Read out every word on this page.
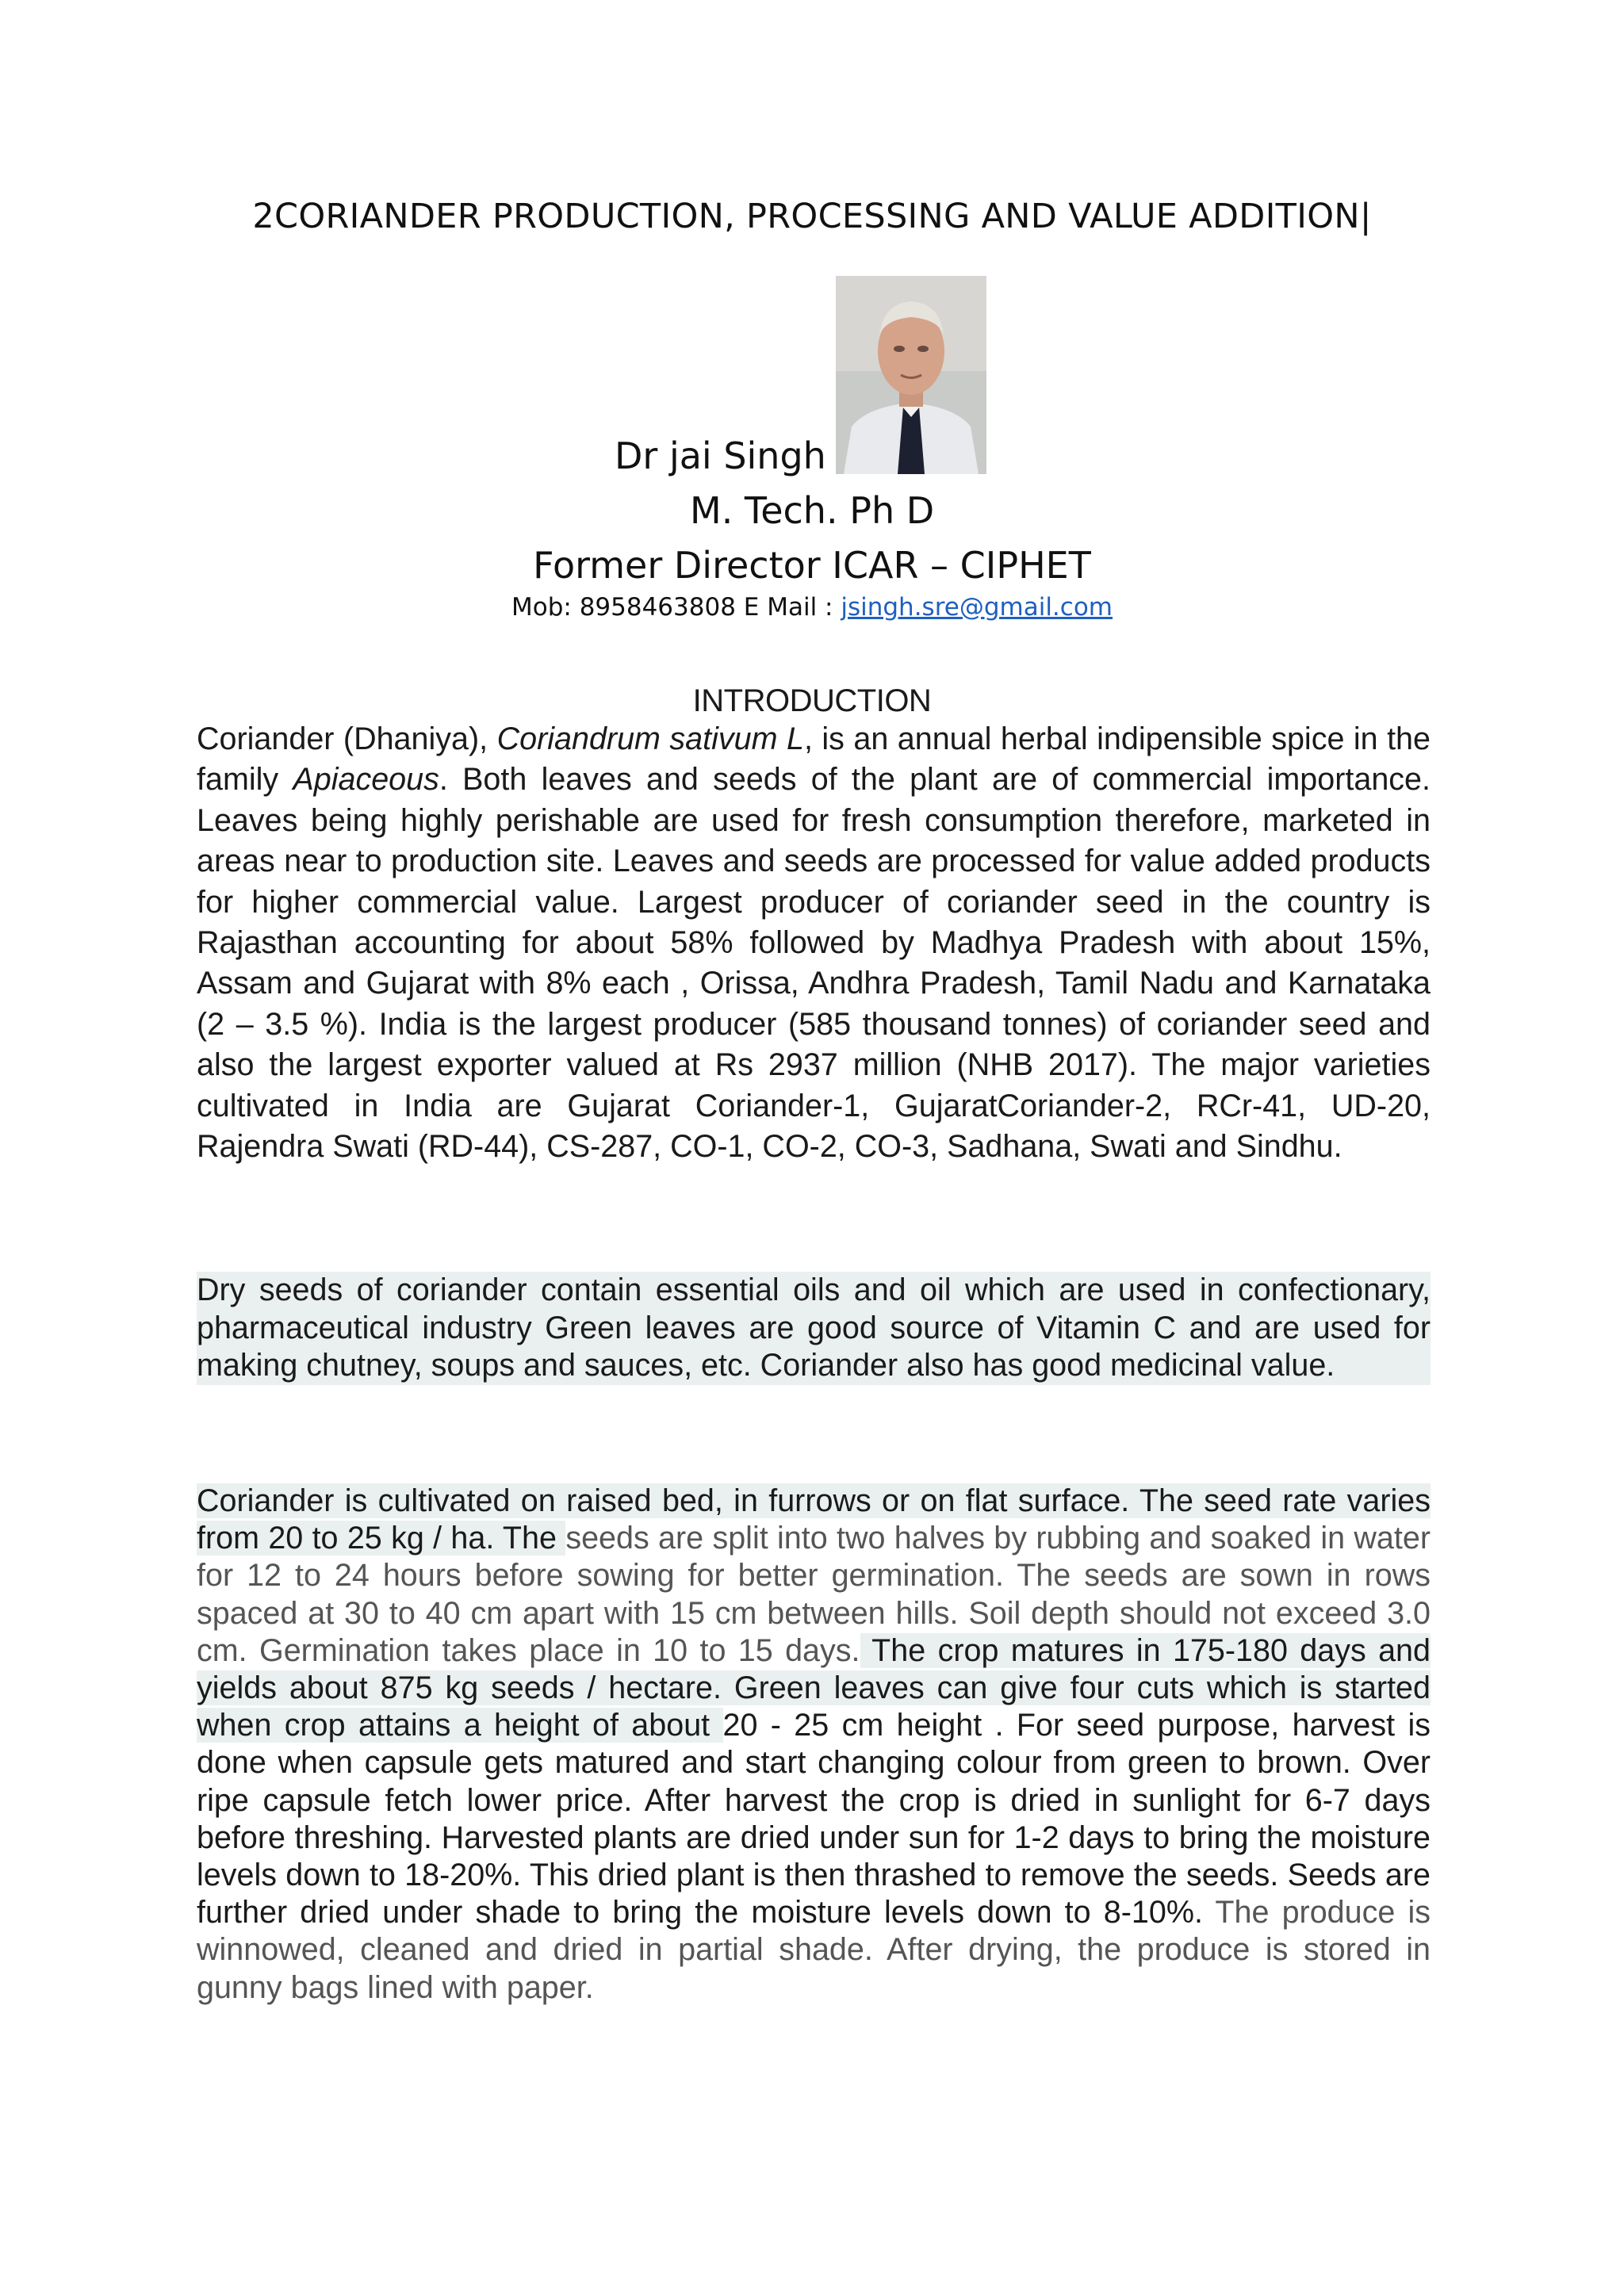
2CORIANDER PRODUCTION, PROCESSING AND VALUE ADDITION|
Dr jai Singh
M. Tech. Ph D
Former Director ICAR – CIPHET
Mob: 8958463808 E Mail : jsingh.sre@gmail.com
INTRODUCTION

Coriander (Dhaniya), Coriandrum sativum L, is an annual herbal indipensible spice in the family Apiaceous. Both leaves and seeds of the plant are of commercial importance. Leaves being highly perishable are used for fresh consumption therefore, marketed in areas near to production site. Leaves and seeds are processed for value added products for higher commercial value. Largest producer of coriander seed in the country is Rajasthan accounting for about 58% followed by Madhya Pradesh with about 15%, Assam and Gujarat with 8% each , Orissa, Andhra Pradesh, Tamil Nadu and Karnataka (2 – 3.5 %). India is the largest producer (585 thousand tonnes) of coriander seed and also the largest exporter valued at Rs 2937 million (NHB 2017). The major varieties cultivated in India are Gujarat Coriander-1, GujaratCoriander-2, RCr-41, UD-20, Rajendra Swati (RD-44), CS-287, CO-1, CO-2, CO-3, Sadhana, Swati and Sindhu.

Dry seeds of coriander contain essential oils and oil which are used in confectionary, pharmaceutical industry Green leaves are good source of Vitamin C and are used for making chutney, soups and sauces, etc. Coriander also has good medicinal value.

Coriander is cultivated on raised bed, in furrows or on flat surface. The seed rate varies from 20 to 25 kg / ha. The seeds are split into two halves by rubbing and soaked in water for 12 to 24 hours before sowing for better germination. The seeds are sown in rows spaced at 30 to 40 cm apart with 15 cm between hills. Soil depth should not exceed 3.0 cm. Germination takes place in 10 to 15 days. The crop matures in 175-180 days and yields about 875 kg seeds / hectare. Green leaves can give four cuts which is started when crop attains a height of about 20 - 25 cm height . For seed purpose, harvest is done when capsule gets matured and start changing colour from green to brown. Over ripe capsule fetch lower price. After harvest the crop is dried in sunlight for 6-7 days before threshing. Harvested plants are dried under sun for 1-2 days to bring the moisture levels down to 18-20%. This dried plant is then thrashed to remove the seeds. Seeds are further dried under shade to bring the moisture levels down to 8-10%. The produce is winnowed, cleaned and dried in partial shade. After drying, the produce is stored in gunny bags lined with paper.
